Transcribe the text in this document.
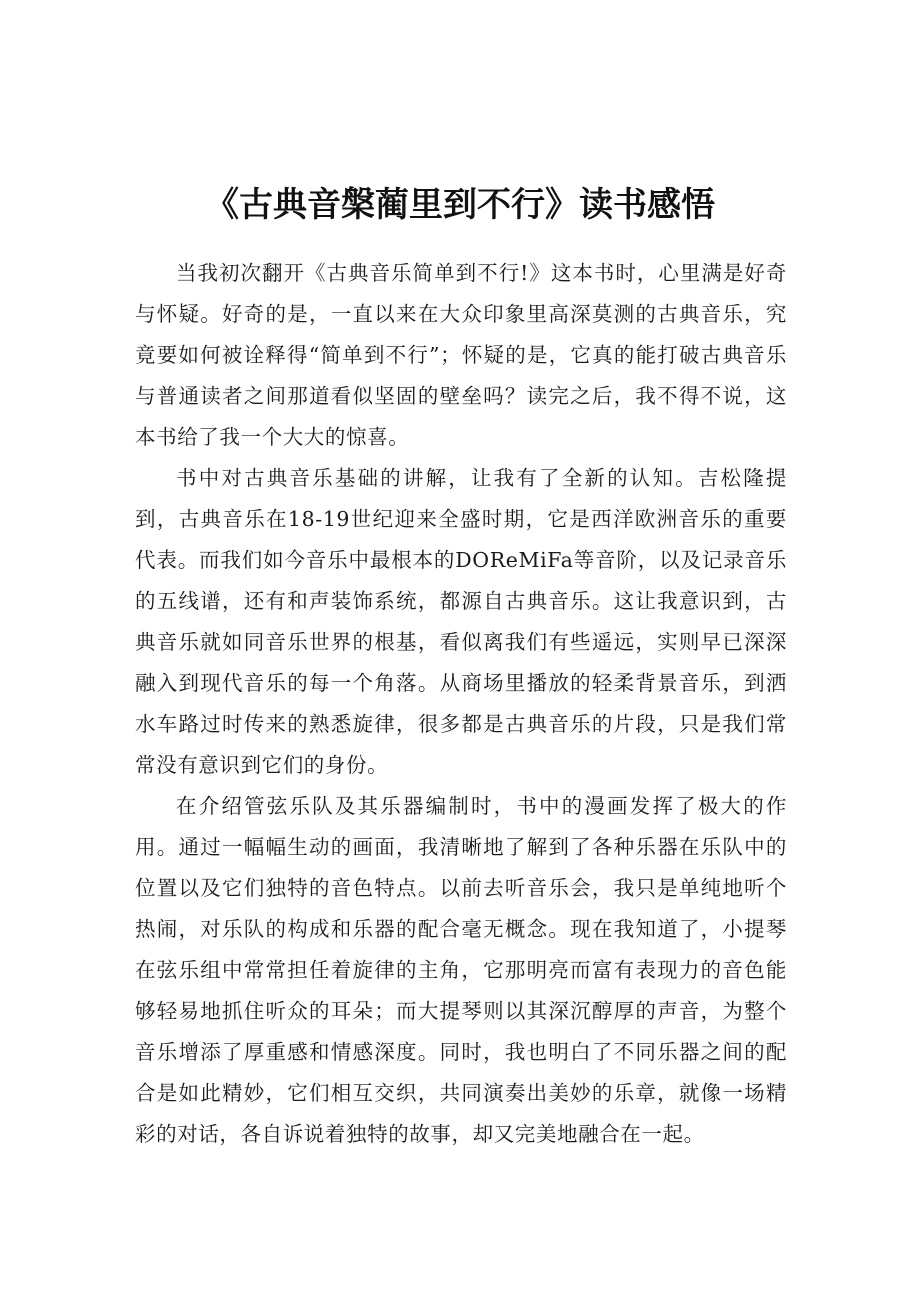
《古典音槃蔺里到不行》读书感悟

当我初次翻开《古典音乐简单到不行!》这本书时，心里满是好奇与怀疑。好奇的是，一直以来在大众印象里高深莫测的古典音乐，究竟要如何被诠释得“简单到不行”；怀疑的是，它真的能打破古典音乐与普通读者之间那道看似坚固的壁垒吗？读完之后，我不得不说，这本书给了我一个大大的惊喜。

书中对古典音乐基础的讲解，让我有了全新的认知。吉松隆提到，古典音乐在18-19世纪迎来全盛时期，它是西洋欧洲音乐的重要代表。而我们如今音乐中最根本的DOReMiFa等音阶，以及记录音乐的五线谱，还有和声装饰系统，都源自古典音乐。这让我意识到，古典音乐就如同音乐世界的根基，看似离我们有些遥远，实则早已深深融入到现代音乐的每一个角落。从商场里播放的轻柔背景音乐，到洒水车路过时传来的熟悉旋律，很多都是古典音乐的片段，只是我们常常没有意识到它们的身份。

在介绍管弦乐队及其乐器编制时，书中的漫画发挥了极大的作用。通过一幅幅生动的画面，我清晰地了解到了各种乐器在乐队中的位置以及它们独特的音色特点。以前去听音乐会，我只是单纯地听个热闹，对乐队的构成和乐器的配合毫无概念。现在我知道了，小提琴在弦乐组中常常担任着旋律的主角，它那明亮而富有表现力的音色能够轻易地抓住听众的耳朵；而大提琴则以其深沉醇厚的声音，为整个音乐增添了厚重感和情感深度。同时，我也明白了不同乐器之间的配合是如此精妙，它们相互交织，共同演奏出美妙的乐章，就像一场精彩的对话，各自诉说着独特的故事，却又完美地融合在一起。
